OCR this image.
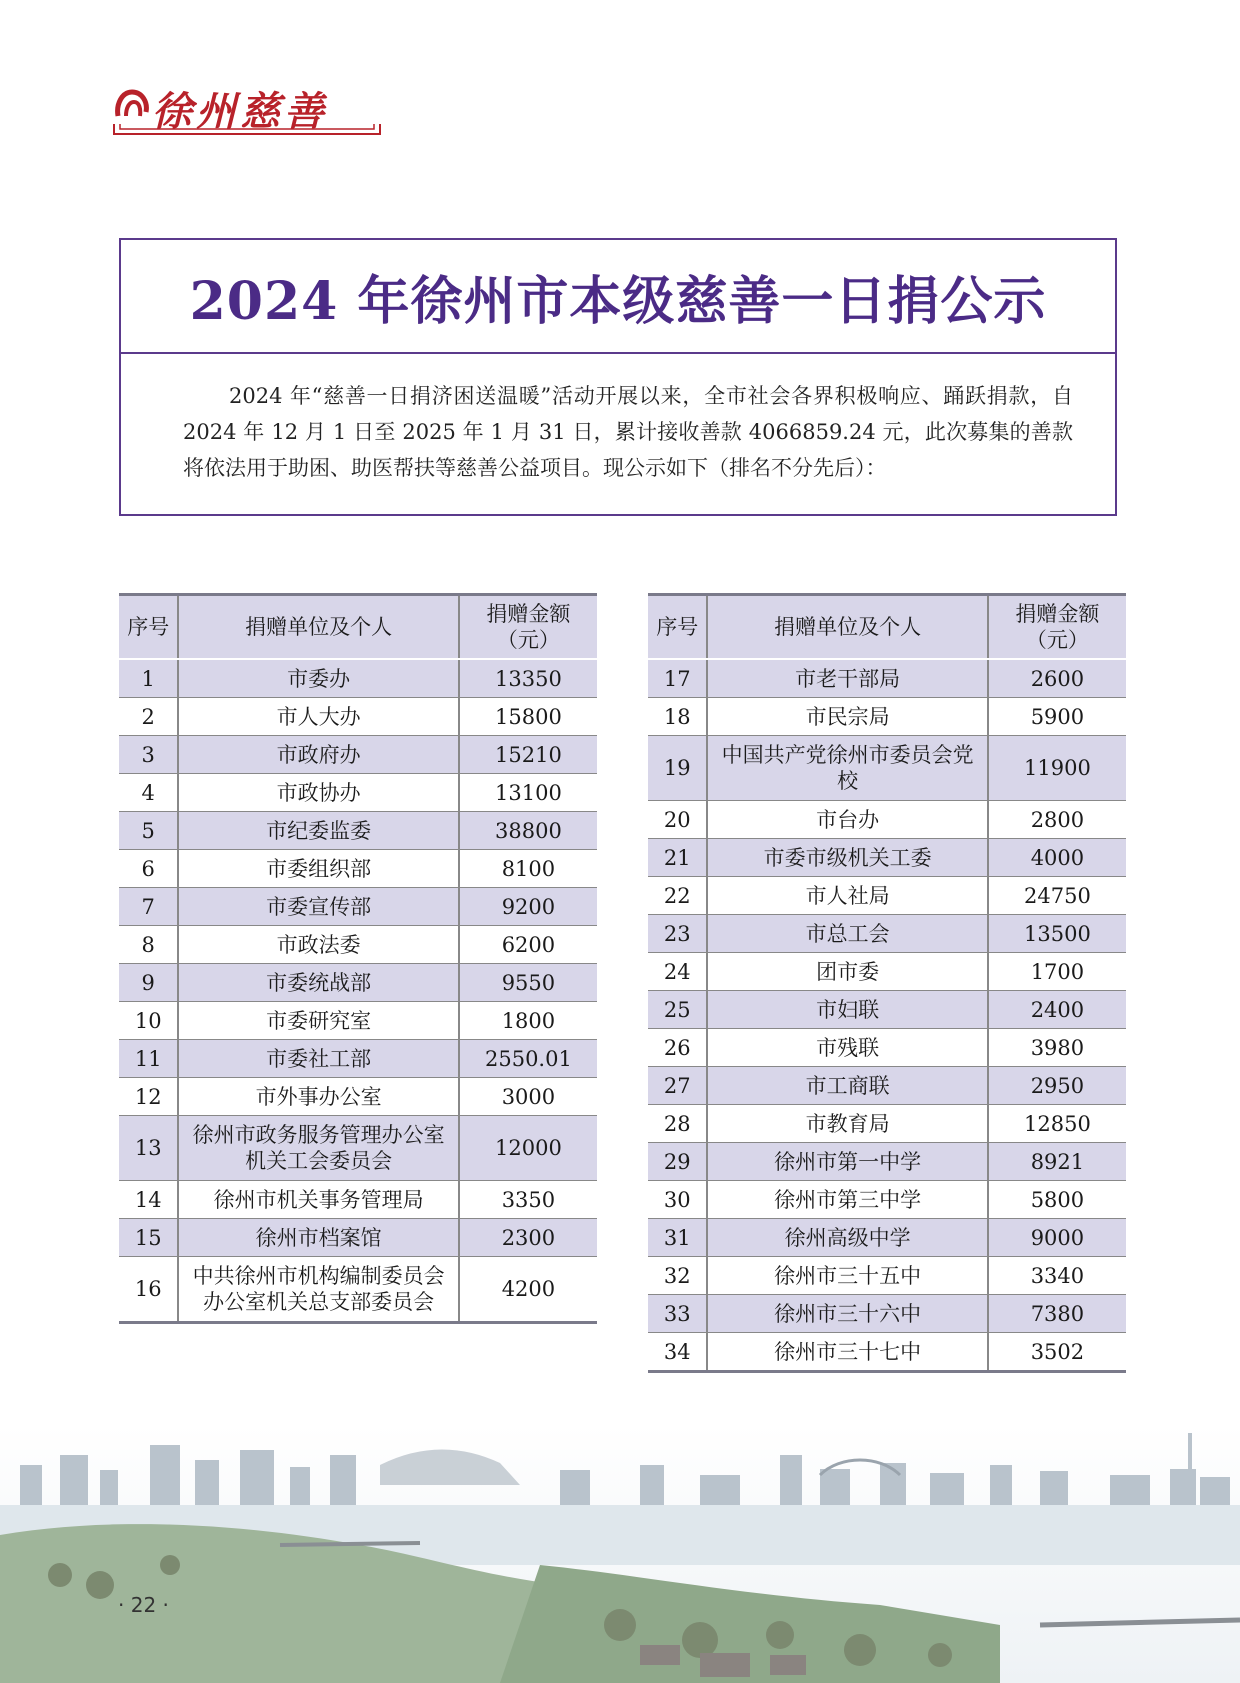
徐州慈善
2024 年徐州市本级慈善一日捐公示
2024 年“慈善一日捐济困送温暖”活动开展以来，全市社会各界积极响应、踊跃捐款，自 2024 年 12 月 1 日至 2025 年 1 月 31 日，累计接收善款 4066859.24 元，此次募集的善款将依法用于助困、助医帮扶等慈善公益项目。现公示如下（排名不分先后）：
序号	捐赠单位及个人	捐赠金额（元）
1	市委办	13350
2	市人大办	15800
3	市政府办	15210
4	市政协办	13100
5	市纪委监委	38800
6	市委组织部	8100
7	市委宣传部	9200
8	市政法委	6200
9	市委统战部	9550
10	市委研究室	1800
11	市委社工部	2550.01
12	市外事办公室	3000
13	徐州市政务服务管理办公室机关工会委员会	12000
14	徐州市机关事务管理局	3350
15	徐州市档案馆	2300
16	中共徐州市机构编制委员会办公室机关总支部委员会	4200
序号	捐赠单位及个人	捐赠金额（元）
17	市老干部局	2600
18	市民宗局	5900
19	中国共产党徐州市委员会党校	11900
20	市台办	2800
21	市委市级机关工委	4000
22	市人社局	24750
23	市总工会	13500
24	团市委	1700
25	市妇联	2400
26	市残联	3980
27	市工商联	2950
28	市教育局	12850
29	徐州市第一中学	8921
30	徐州市第三中学	5800
31	徐州高级中学	9000
32	徐州市三十五中	3340
33	徐州市三十六中	7380
34	徐州市三十七中	3502
· 22 ·
